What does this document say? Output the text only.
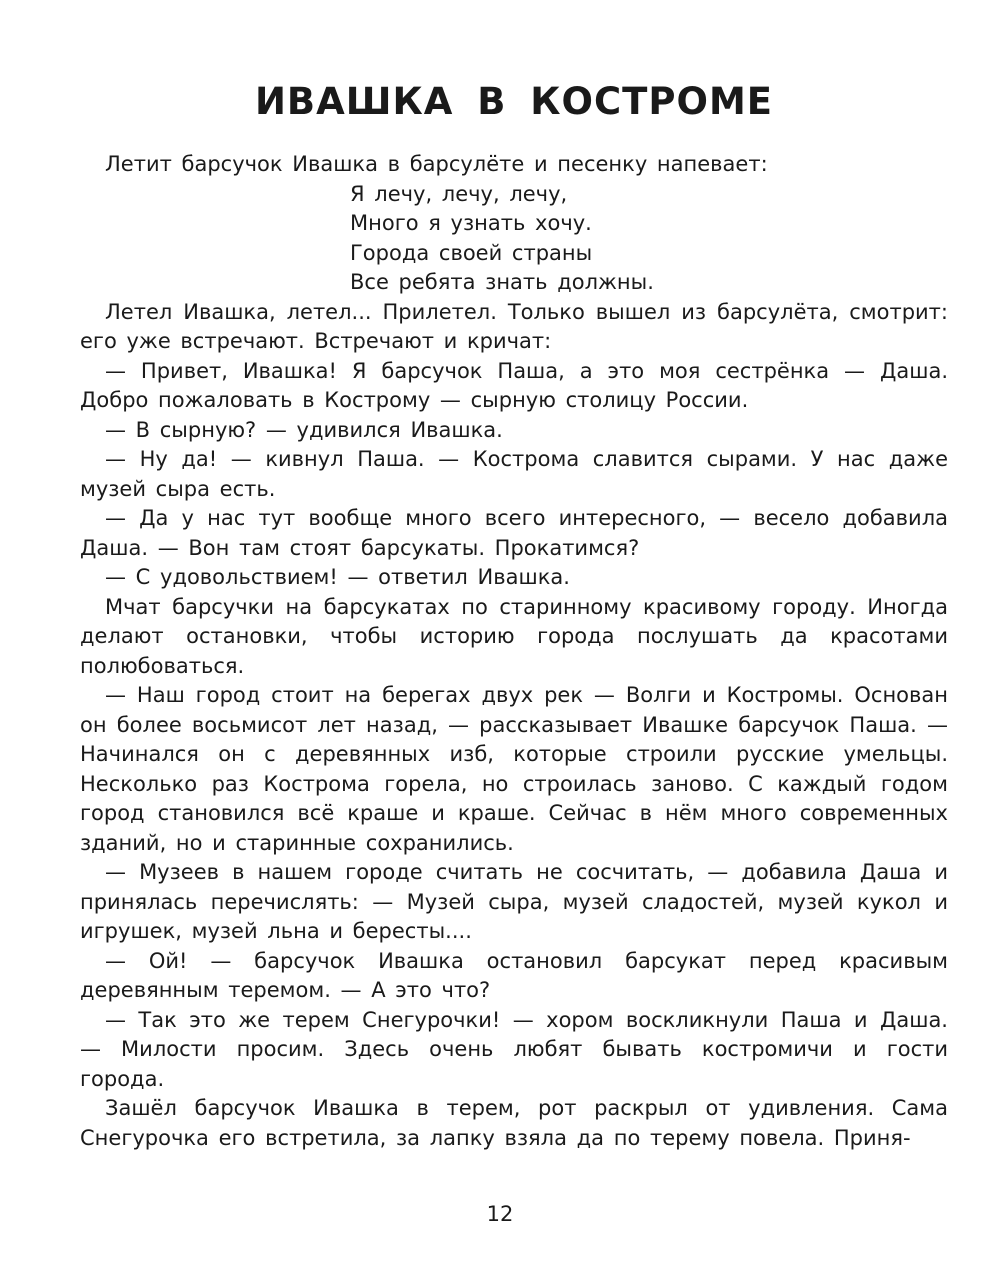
ИВАШКА В КОСТРОМЕ

Летит барсучок Ивашка в барсулёте и песенку напевает:

Я лечу, лечу, лечу,
Много я узнать хочу.
Города своей страны
Все ребята знать должны.

Летел Ивашка, летел... Прилетел. Только вышел из барсулёта, смотрит: его уже встречают. Встречают и кричат:

— Привет, Ивашка! Я барсучок Паша, а это моя сестрёнка — Даша. Добро пожаловать в Кострому — сырную столицу России.

— В сырную? — удивился Ивашка.

— Ну да! — кивнул Паша. — Кострома славится сырами. У нас даже музей сыра есть.

— Да у нас тут вообще много всего интересного, — весело добавила Даша. — Вон там стоят барсукаты. Прокатимся?

— С удовольствием! — ответил Ивашка.

Мчат барсучки на барсукатах по старинному красивому городу. Иногда делают остановки, чтобы историю города послушать да красотами полюбоваться.

— Наш город стоит на берегах двух рек — Волги и Костромы. Основан он более восьмисот лет назад, — рассказывает Ивашке барсучок Паша. — Начинался он с деревянных изб, которые строили русские умельцы. Несколько раз Кострома горела, но строилась заново. С каждый годом город становился всё краше и краше. Сейчас в нём много современных зданий, но и старинные сохранились.

— Музеев в нашем городе считать не сосчитать, — добавила Даша и принялась перечислять: — Музей сыра, музей сладостей, музей кукол и игрушек, музей льна и бересты....

— Ой! — барсучок Ивашка остановил барсукат перед красивым деревянным теремом. — А это что?

— Так это же терем Снегурочки! — хором воскликнули Паша и Даша. — Милости просим. Здесь очень любят бывать костромичи и гости города.

Зашёл барсучок Ивашка в терем, рот раскрыл от удивления. Сама Снегурочка его встретила, за лапку взяла да по терему повела. Приня-

12
